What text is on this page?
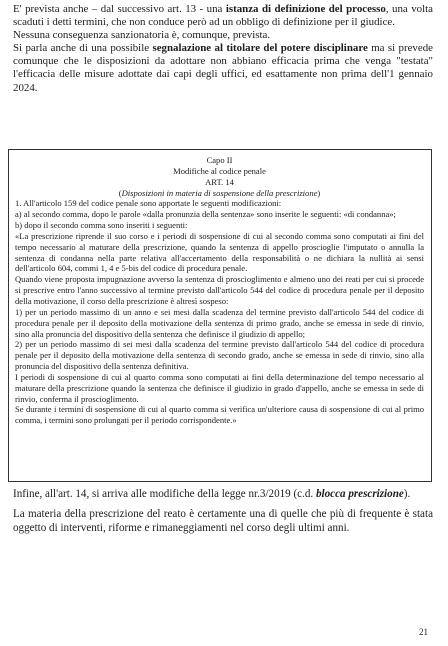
E' prevista anche – dal successivo art. 13 - una istanza di definizione del processo, una volta scaduti i detti termini, che non conduce però ad un obbligo di definizione per il giudice.

Nessuna conseguenza sanzionatoria è, comunque, prevista.

Si parla anche di una possibile segnalazione al titolare del potere disciplinare ma si prevede comunque che le disposizioni da adottare non abbiano efficacia prima che venga "testata" l'efficacia delle misure adottate dai capi degli uffici, ed esattamente non prima dell'1 gennaio 2024.

Capo II

Modifiche al codice penale

ART. 14

(Disposizioni in materia di sospensione della prescrizione)

1. All'articolo 159 del codice penale sono apportate le seguenti modificazioni:

a) al secondo comma, dopo le parole «dalla pronunzia della sentenza» sono inserite le seguenti: «di condanna»;

b) dopo il secondo comma sono inseriti i seguenti:

«La prescrizione riprende il suo corso e i periodi di sospensione di cui al secondo comma sono computati ai fini del tempo necessario al maturare della prescrizione, quando la sentenza di appello proscioglie l'imputato o annulla la sentenza di condanna nella parte relativa all'accertamento della responsabilità o ne dichiara la nullità ai sensi dell'articolo 604, commi 1, 4 e 5-bis del codice di procedura penale.

Quando viene proposta impugnazione avverso la sentenza di proscioglimento e almeno uno dei reati per cui si procede si prescrive entro l'anno successivo al termine previsto dall'articolo 544 del codice di procedura penale per il deposito della motivazione, il corso della prescrizione è altresì sospeso:

1) per un periodo massimo di un anno e sei mesi dalla scadenza del termine previsto dall'articolo 544 del codice di procedura penale per il deposito della motivazione della sentenza di primo grado, anche se emessa in sede di rinvio, sino alla pronuncia del dispositivo della sentenza che definisce il giudizio di appello;

2) per un periodo massimo di sei mesi dalla scadenza del termine previsto dall'articolo 544 del codice di procedura penale per il deposito della motivazione della sentenza di secondo grado, anche se emessa in sede di rinvio, sino alla pronuncia del dispositivo della sentenza definitiva.

I periodi di sospensione di cui al quarto comma sono computati ai fini della determinazione del tempo necessario al maturare della prescrizione quando la sentenza che definisce il giudizio in grado d'appello, anche se emessa in sede di rinvio, conferma il proscioglimento.

Se durante i termini di sospensione di cui al quarto comma si verifica un'ulteriore causa di sospensione di cui al primo comma, i termini sono prolungati per il periodo corrispondente.»

Infine, all'art. 14, si arriva alle modifiche della legge nr.3/2019 (c.d. blocca prescrizione).

La materia della prescrizione del reato è certamente una di quelle che più di frequente è stata oggetto di interventi, riforme e rimaneggiamenti nel corso degli ultimi anni.

21
